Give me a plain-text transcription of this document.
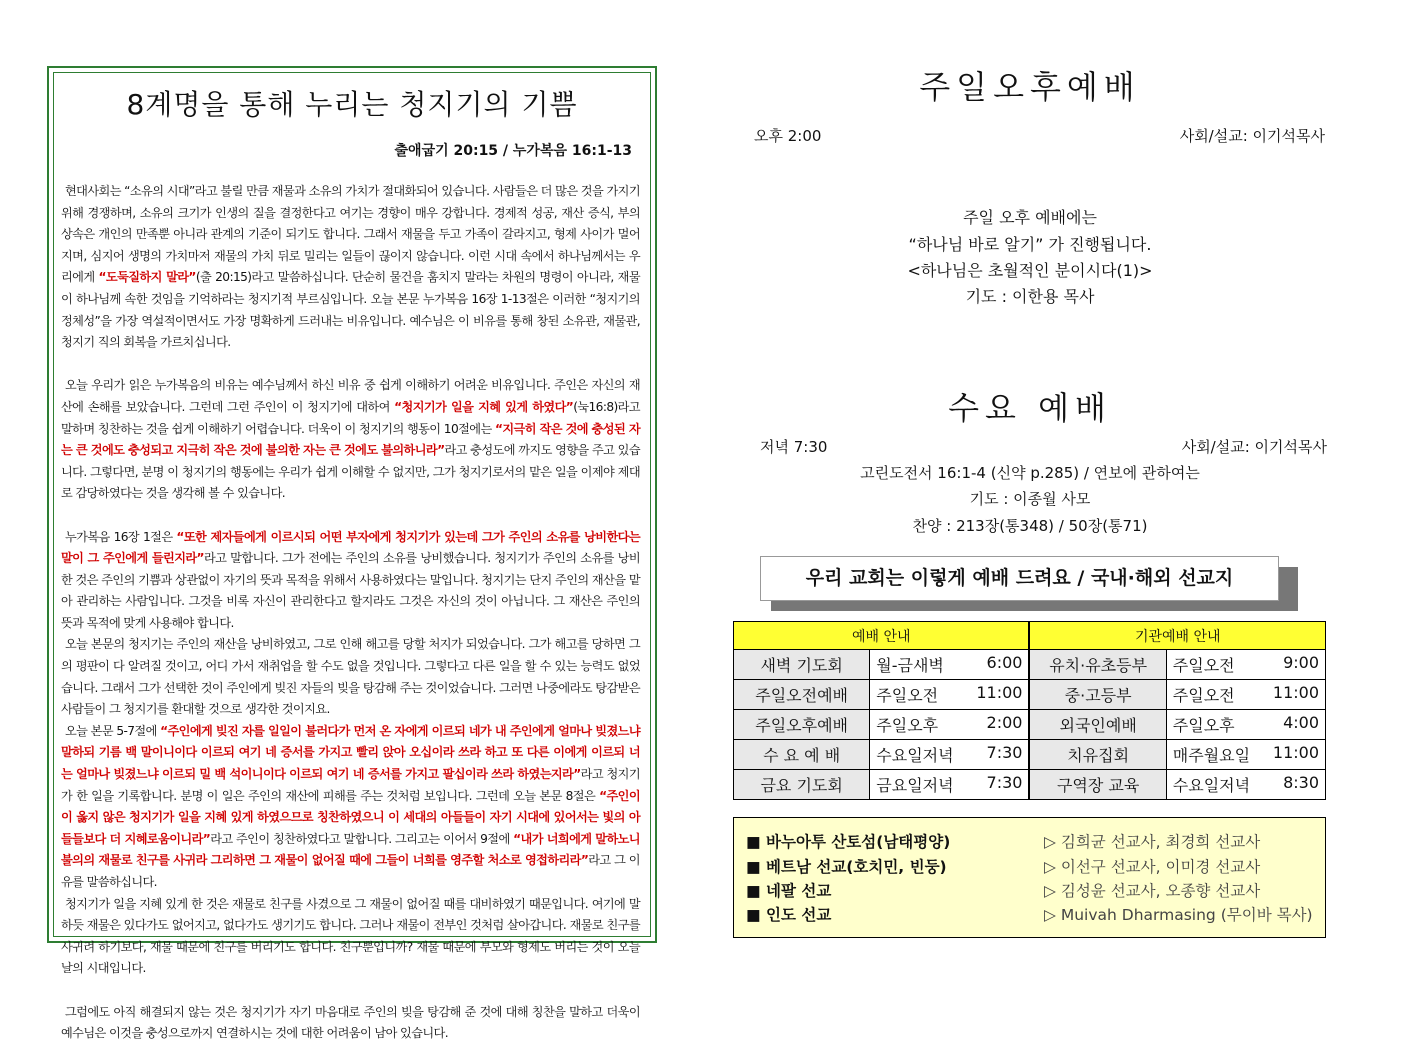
8계명을 통해 누리는 청지기의 기쁨
출애굽기 20:15 / 누가복음 16:1-13

현대사회는 “소유의 시대”라고 불릴 만큼 재물과 소유의 가치가 절대화되어 있습니다. 사람들은 더 많은 것을 가지기 위해 경쟁하며, 소유의 크기가 인생의 질을 결정한다고 여기는 경향이 매우 강합니다. 경제적 성공, 재산 증식, 부의 상속은 개인의 만족뿐 아니라 관계의 기준이 되기도 합니다. 그래서 재물을 두고 가족이 갈라지고, 형제 사이가 멀어지며, 심지어 생명의 가치마저 재물의 가치 뒤로 밀리는 일들이 끊이지 않습니다. 이런 시대 속에서 하나님께서는 우리에게 “도둑질하지 말라”(출 20:15)라고 말씀하십니다. 단순히 물건을 훔치지 말라는 차원의 명령이 아니라, 재물이 하나님께 속한 것임을 기억하라는 청지기적 부르심입니다. 오늘 본문 누가복음 16장 1-13절은 이러한 “청지기의 정체성”을 가장 역설적이면서도 가장 명확하게 드러내는 비유입니다. 예수님은 이 비유를 통해 창된 소유관, 재물관, 청지기 직의 회복을 가르치십니다.

오늘 우리가 읽은 누가복음의 비유는 예수님께서 하신 비유 중 쉽게 이해하기 어려운 비유입니다. 주인은 자신의 재산에 손해를 보았습니다. 그런데 그런 주인이 이 청지기에 대하여 “청지기가 일을 지혜 있게 하였다”(눅16:8)라고 말하며 칭찬하는 것을 쉽게 이해하기 어렵습니다. 더욱이 이 청지기의 행동이 10절에는 “지극히 작은 것에 충성된 자는 큰 것에도 충성되고 지극히 작은 것에 불의한 자는 큰 것에도 불의하니라”라고 충성도에 까지도 영향을 주고 있습니다. 그렇다면, 분명 이 청지기의 행동에는 우리가 쉽게 이해할 수 없지만, 그가 청지기로서의 맡은 일을 이제야 제대로 감당하였다는 것을 생각해 볼 수 있습니다.

누가복음 16장 1절은 “또한 제자들에게 이르시되 어떤 부자에게 청지기가 있는데 그가 주인의 소유를 낭비한다는 말이 그 주인에게 들린지라”라고 말합니다. 그가 전에는 주인의 소유를 낭비했습니다. 청지기가 주인의 소유를 낭비한 것은 주인의 기쁨과 상관없이 자기의 뜻과 목적을 위해서 사용하였다는 말입니다. 청지기는 단지 주인의 재산을 맡아 관리하는 사람입니다. 그것을 비록 자신이 관리한다고 할지라도 그것은 자신의 것이 아닙니다. 그 재산은 주인의 뜻과 목적에 맞게 사용해야 합니다.

오늘 본문의 청지기는 주인의 재산을 낭비하였고, 그로 인해 해고를 당할 처지가 되었습니다. 그가 해고를 당하면 그의 평판이 다 알려질 것이고, 어디 가서 재취업을 할 수도 없을 것입니다. 그렇다고 다른 일을 할 수 있는 능력도 없었습니다. 그래서 그가 선택한 것이 주인에게 빚진 자들의 빚을 탕감해 주는 것이었습니다. 그러면 나중에라도 탕감받은 사람들이 그 청지기를 환대할 것으로 생각한 것이지요.

오늘 본문 5-7절에 “주인에게 빚진 자를 일일이 불러다가 먼저 온 자에게 이르되 네가 내 주인에게 얼마나 빚졌느냐 말하되 기름 백 말이니이다 이르되 여기 네 증서를 가지고 빨리 앉아 오십이라 쓰라 하고 또 다른 이에게 이르되 너는 얼마나 빚졌느냐 이르되 밀 백 석이니이다 이르되 여기 네 증서를 가지고 팔십이라 쓰라 하였는지라”라고 청지기가 한 일을 기록합니다. 분명 이 일은 주인의 재산에 피해를 주는 것처럼 보입니다. 그런데 오늘 본문 8절은 “주인이 이 옳지 않은 청지기가 일을 지혜 있게 하였으므로 칭찬하였으니 이 세대의 아들들이 자기 시대에 있어서는 빛의 아들들보다 더 지혜로움이니라”라고 주인이 칭찬하였다고 말합니다. 그리고는 이어서 9절에 “내가 너희에게 말하노니 불의의 재물로 친구를 사귀라 그리하면 그 재물이 없어질 때에 그들이 너희를 영주할 처소로 영접하리라”라고 그 이유를 말씀하십니다.

청지기가 일을 지혜 있게 한 것은 재물로 친구를 사겼으로 그 재물이 없어질 때를 대비하였기 때문입니다. 여기에 말하듯 재물은 있다가도 없어지고, 없다가도 생기기도 합니다. 그러나 재물이 전부인 것처럼 살아갑니다. 재물로 친구를 사귀려 하기보다, 재물 때문에 친구를 버리기도 합니다. 친구뿐입니까? 재물 때문에 부모와 형제도 버리는 것이 오늘날의 시대입니다.

그럼에도 아직 해결되지 않는 것은 청지기가 자기 마음대로 주인의 빚을 탕감해 준 것에 대해 칭찬을 말하고 더욱이 예수님은 이것을 충성으로까지 연결하시는 것에 대한 어려움이 남아 있습니다.

주일오후예배
오후 2:00	사회/설교: 이기석목사
주일 오후 예배에는
“하나님 바로 알기” 가 진행됩니다.
<하나님은 초월적인 분이시다(1)>
기도 : 이한용 목사
수요 예배
저녁 7:30	사회/설교: 이기석목사
고린도전서 16:1-4 (신약 p.285) / 연보에 관하여는
기도 : 이종월 사모
찬양 : 213장(통348) / 50장(통71)
우리 교회는 이렇게 예배 드려요 / 국내·해외 선교지
예배 안내		기관예배 안내	
새벽 기도회	월-금새벽 6:00	유치·유초등부	주일오전 9:00

주일오전예배	주일오전 11:00	중·고등부	주일오전 11:00

주일오후예배	주일오후 2:00	외국인예배	주일오후 4:00

수 요 예 배	수요일저녁 7:30	치유집회	매주월요일 11:00

금요 기도회	금요일저녁 7:30	구역장 교육	수요일저녁 8:30
■ 바누아투 산토섬(남태평양)	▷ 김희균 선교사, 최경희 선교사
■ 베트남 선교(호치민, 빈둥)	▷ 이선구 선교사, 이미경 선교사
■ 네팔 선교	▷ 김성윤 선교사, 오종향 선교사
■ 인도 선교	▷ Muivah Dharmasing (무이바 목사)
